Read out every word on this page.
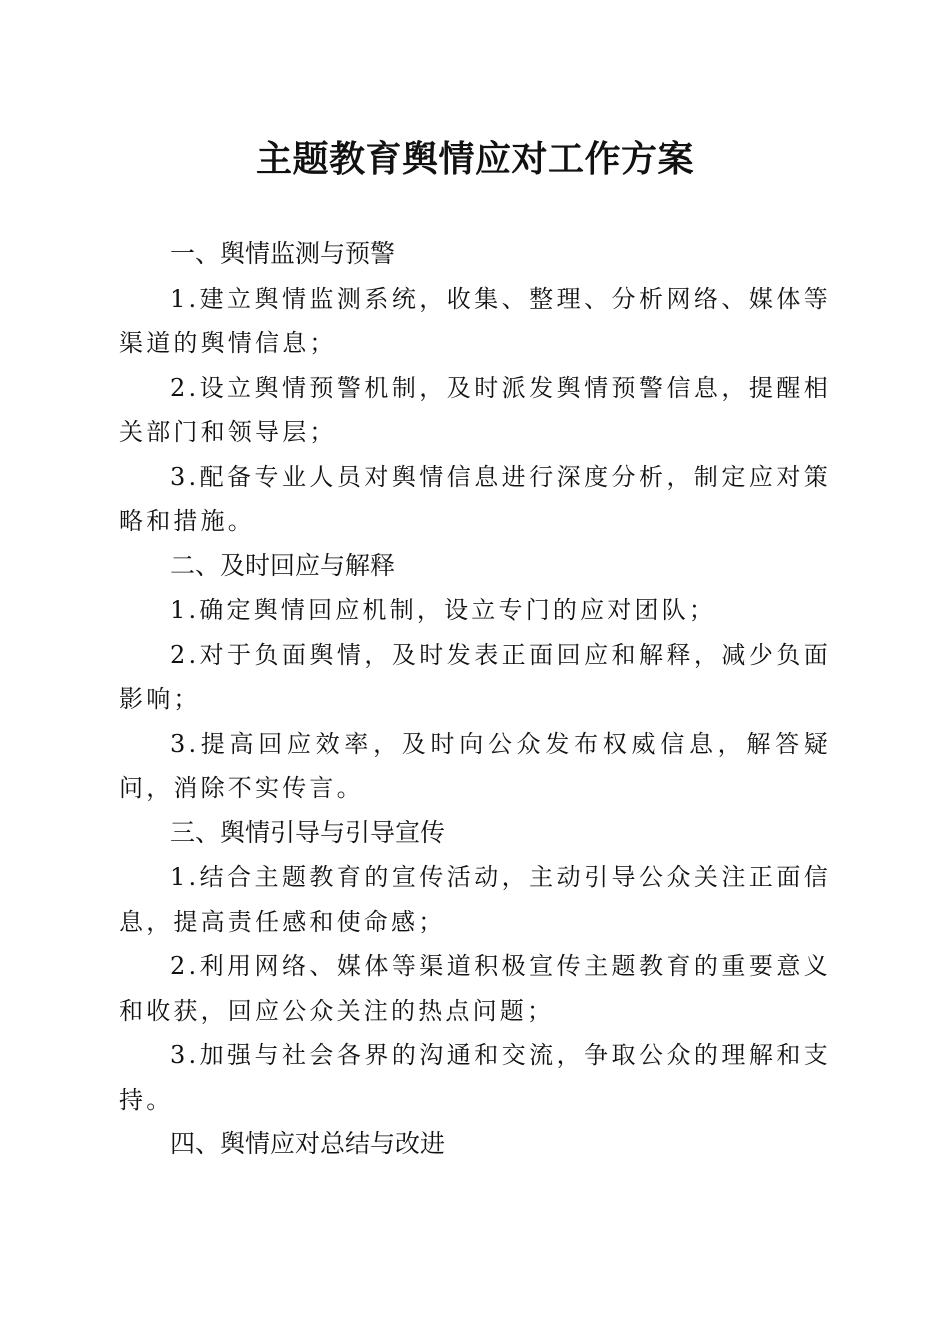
主题教育舆情应对工作方案
一、舆情监测与预警

1.建立舆情监测系统，收集、整理、分析网络、媒体等渠道的舆情信息；

2.设立舆情预警机制，及时派发舆情预警信息，提醒相关部门和领导层；

3.配备专业人员对舆情信息进行深度分析，制定应对策略和措施。

二、及时回应与解释

1.确定舆情回应机制，设立专门的应对团队；

2.对于负面舆情，及时发表正面回应和解释，减少负面影响；

3.提高回应效率，及时向公众发布权威信息，解答疑问，消除不实传言。

三、舆情引导与引导宣传

1.结合主题教育的宣传活动，主动引导公众关注正面信息，提高责任感和使命感；

2.利用网络、媒体等渠道积极宣传主题教育的重要意义和收获，回应公众关注的热点问题；

3.加强与社会各界的沟通和交流，争取公众的理解和支持。

四、舆情应对总结与改进
